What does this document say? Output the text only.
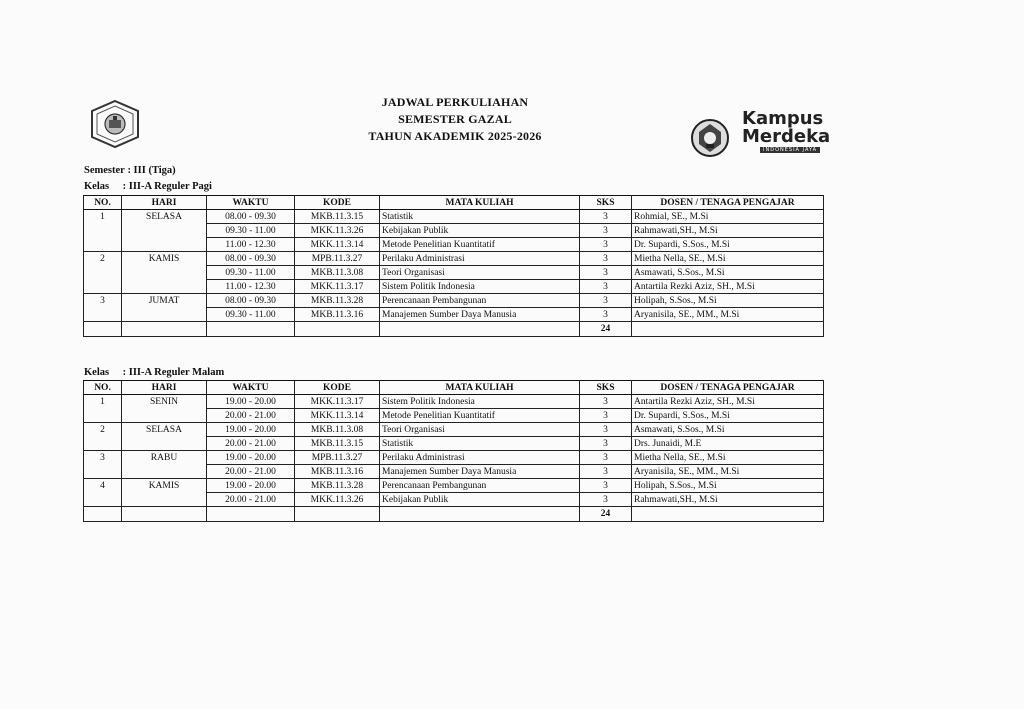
JADWAL PERKULIAHAN
SEMESTER GAZAL
TAHUN AKADEMIK 2025-2026
Kampus
Merdeka
INDONESIA JAYA
Semester : III (Tiga)
Kelas : III-A Reguler Pagi
NO.	HARI	WAKTU	KODE	MATA KULIAH	SKS	DOSEN / TENAGA PENGAJAR
1	SELASA	08.00 - 09.30	MKB.11.3.15	Statistik	3	Rohmial, SE., M.Si
		09.30 - 11.00	MKK.11.3.26	Kebijakan Publik	3	Rahmawati,SH., M.Si
		11.00 - 12.30	MKK.11.3.14	Metode Penelitian Kuantitatif	3	Dr. Supardi, S.Sos., M.Si
2	KAMIS	08.00 - 09.30	MPB.11.3.27	Perilaku Administrasi	3	Mietha Nella, SE., M.Si
		09.30 - 11.00	MKB.11.3.08	Teori Organisasi	3	Asmawati, S.Sos., M.Si
		11.00 - 12.30	MKK.11.3.17	Sistem Politik Indonesia	3	Antartila Rezki Aziz, SH., M.Si
3	JUMAT	08.00 - 09.30	MKB.11.3.28	Perencanaan Pembangunan	3	Holipah, S.Sos., M.Si
		09.30 - 11.00	MKB.11.3.16	Manajemen Sumber Daya Manusia	3	Aryanisila, SE., MM., M.Si
					24	
Kelas : III-A Reguler Malam
NO.	HARI	WAKTU	KODE	MATA KULIAH	SKS	DOSEN / TENAGA PENGAJAR
1	SENIN	19.00 - 20.00	MKK.11.3.17	Sistem Politik Indonesia	3	Antartila Rezki Aziz, SH., M.Si
		20.00 - 21.00	MKK.11.3.14	Metode Penelitian Kuantitatif	3	Dr. Supardi, S.Sos., M.Si
2	SELASA	19.00 - 20.00	MKB.11.3.08	Teori Organisasi	3	Asmawati, S.Sos., M.Si
		20.00 - 21.00	MKB.11.3.15	Statistik	3	Drs. Junaidi, M.E
3	RABU	19.00 - 20.00	MPB.11.3.27	Perilaku Administrasi	3	Mietha Nella, SE., M.Si
		20.00 - 21.00	MKB.11.3.16	Manajemen Sumber Daya Manusia	3	Aryanisila, SE., MM., M.Si
4	KAMIS	19.00 - 20.00	MKB.11.3.28	Perencanaan Pembangunan	3	Holipah, S.Sos., M.Si
		20.00 - 21.00	MKK.11.3.26	Kebijakan Publik	3	Rahmawati,SH., M.Si
					24	
